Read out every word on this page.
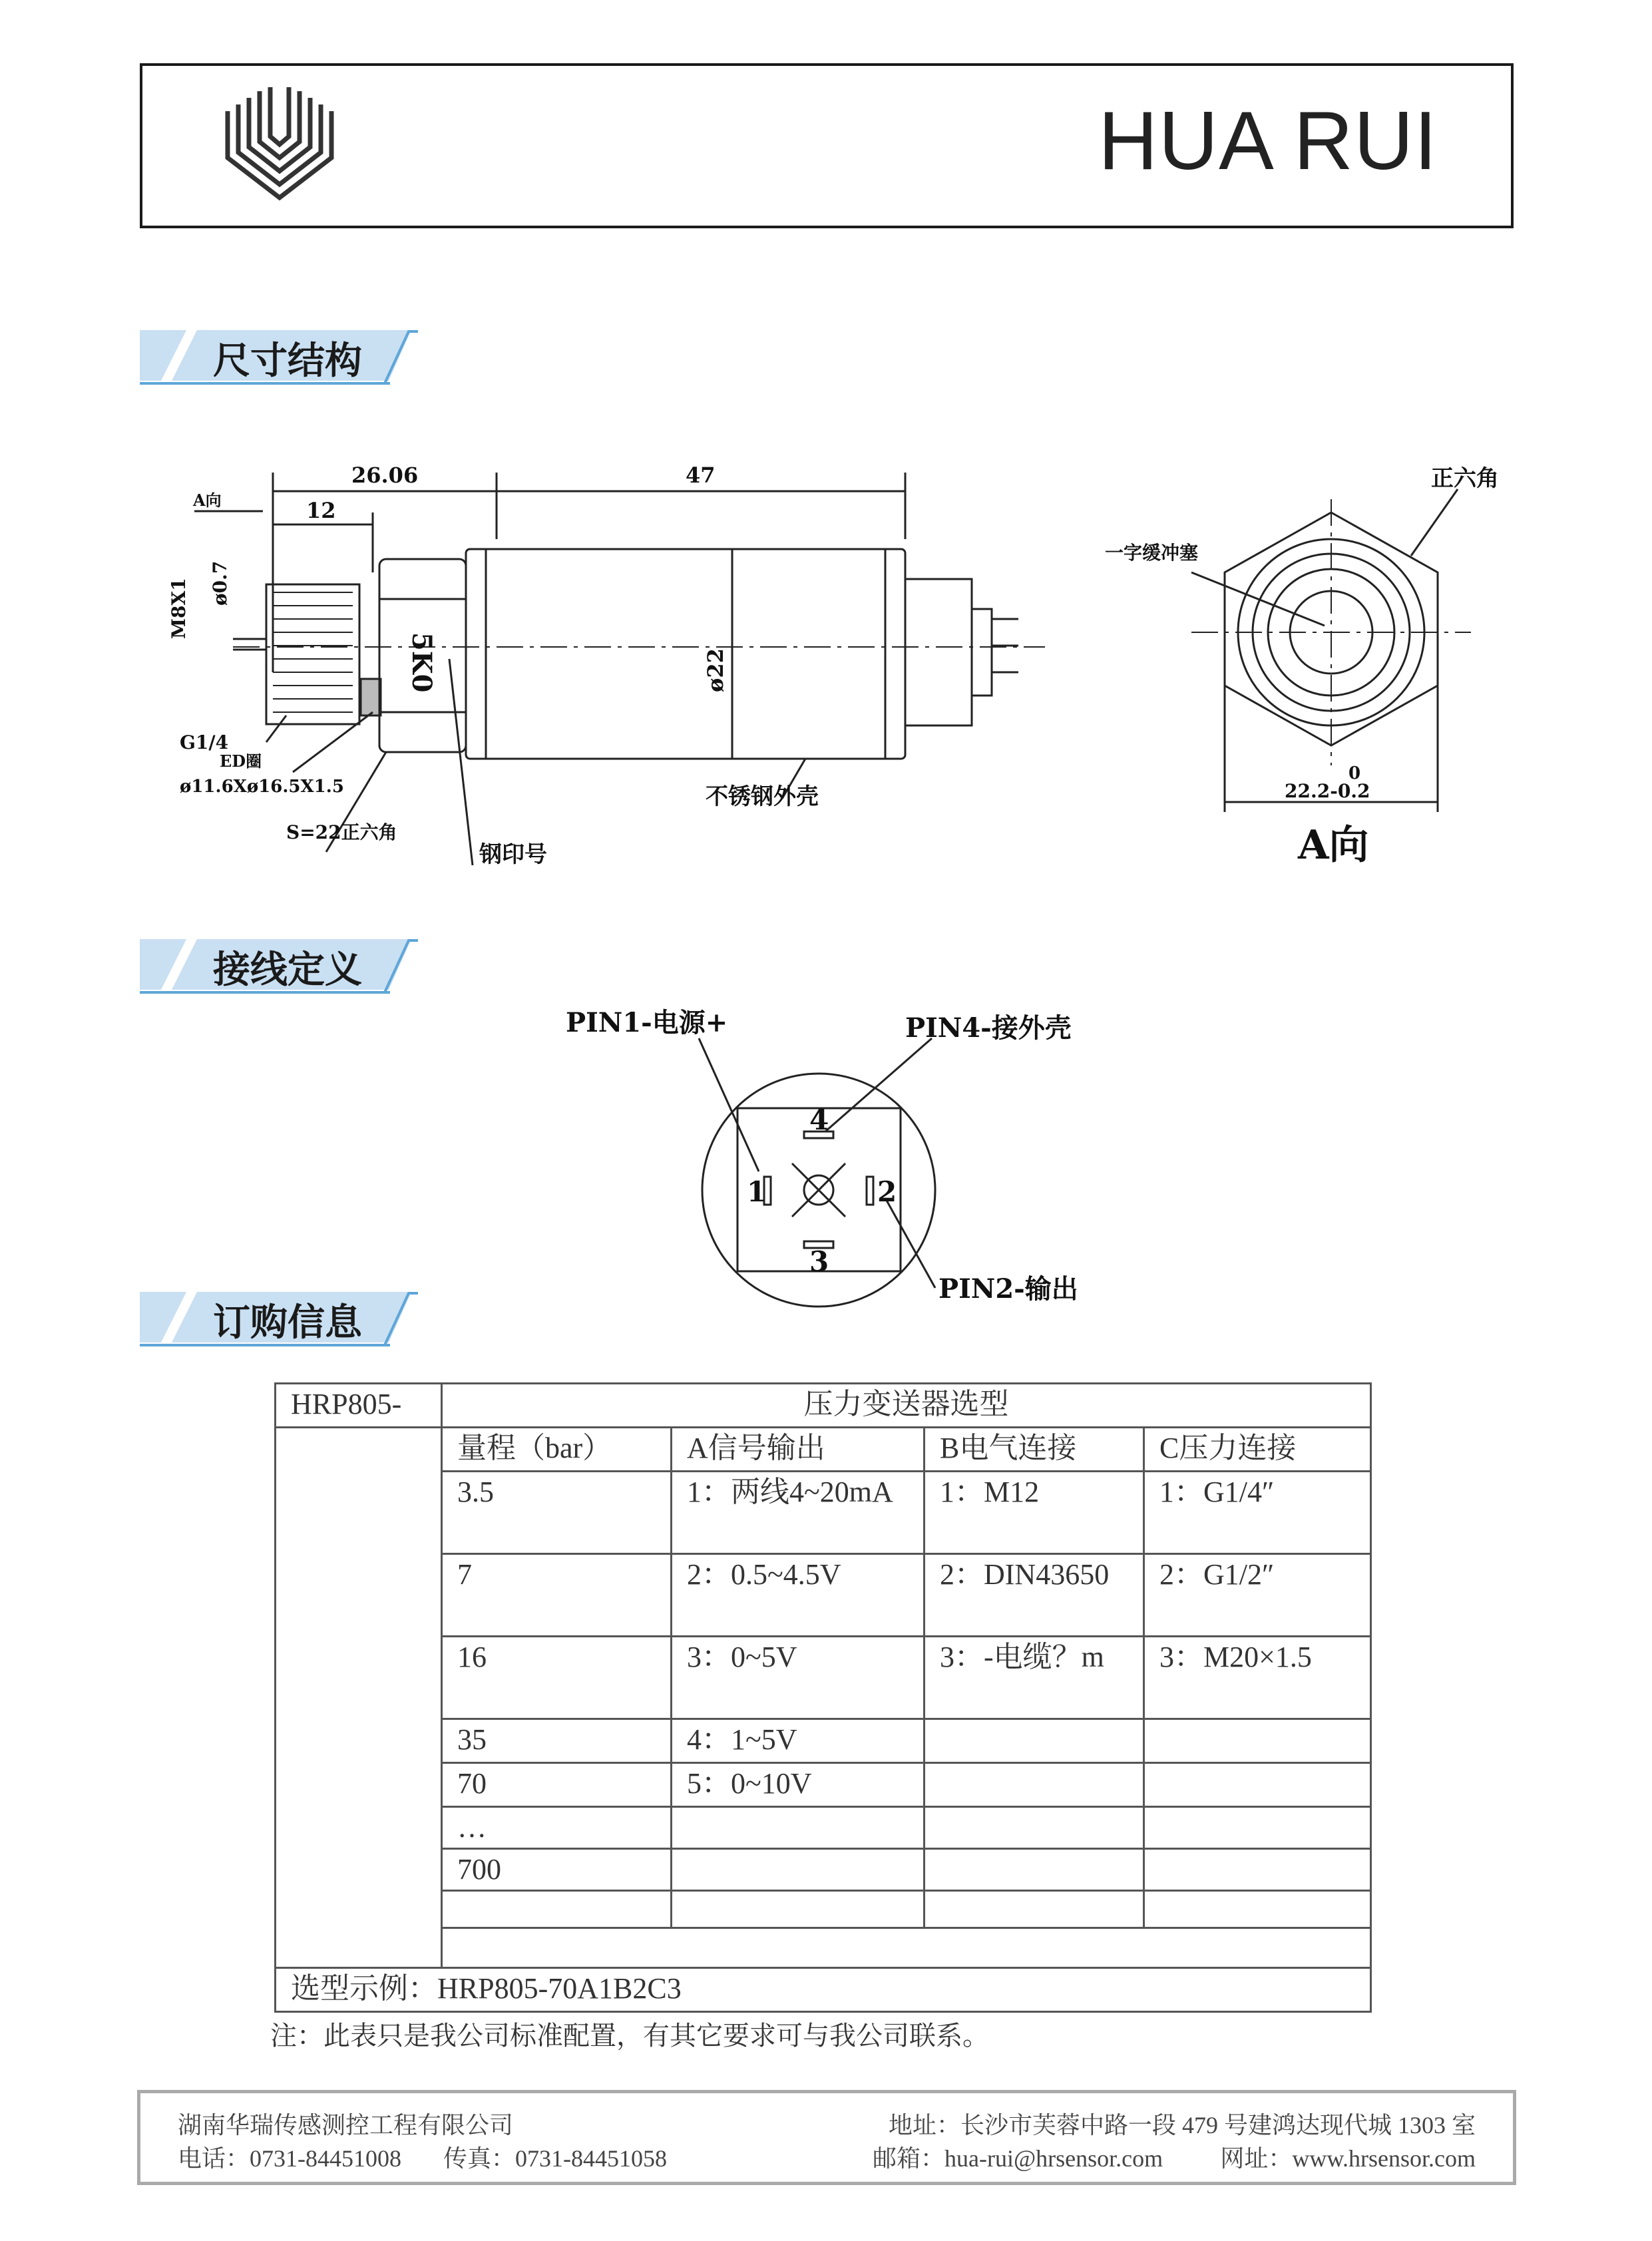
HUA RUI
尺寸结构
26.06	47
A向	12
M8X1 ø0.7
ø22
5K0
G1/4
ED圈
ø11.6Xø16.5X1.5
S=22正六角
钢印号
不锈钢外壳
正六角
一字缓冲塞
0
22.2-0.2
A向
接线定义
PIN1-电源+	PIN4-接外壳
PIN2-输出
1	2
3
4
订购信息
HRP805-	压力变送器选型			
	量程（bar）	A信号输出	B电气连接	C压力连接
	3.5	1：两线4~20mA	1：M12	1：G1/4″
	7	2：0.5~4.5V	2：DIN43650	2：G1/2″
	16	3：0~5V	3：-电缆？m	3：M20×1.5
	35	4：1~5V		
	70	5：0~10V		
	…			
	700			

选型示例：HRP805-70A1B2C3				
注：此表只是我公司标准配置，有其它要求可与我公司联系。
湖南华瑞传感测控工程有限公司	地址：长沙市芙蓉中路一段 479 号建鸿达现代城 1303 室
电话：0731-84451008 传真：0731-84451058	邮箱：hua-rui@hrsensor.com 网址：www.hrsensor.com
